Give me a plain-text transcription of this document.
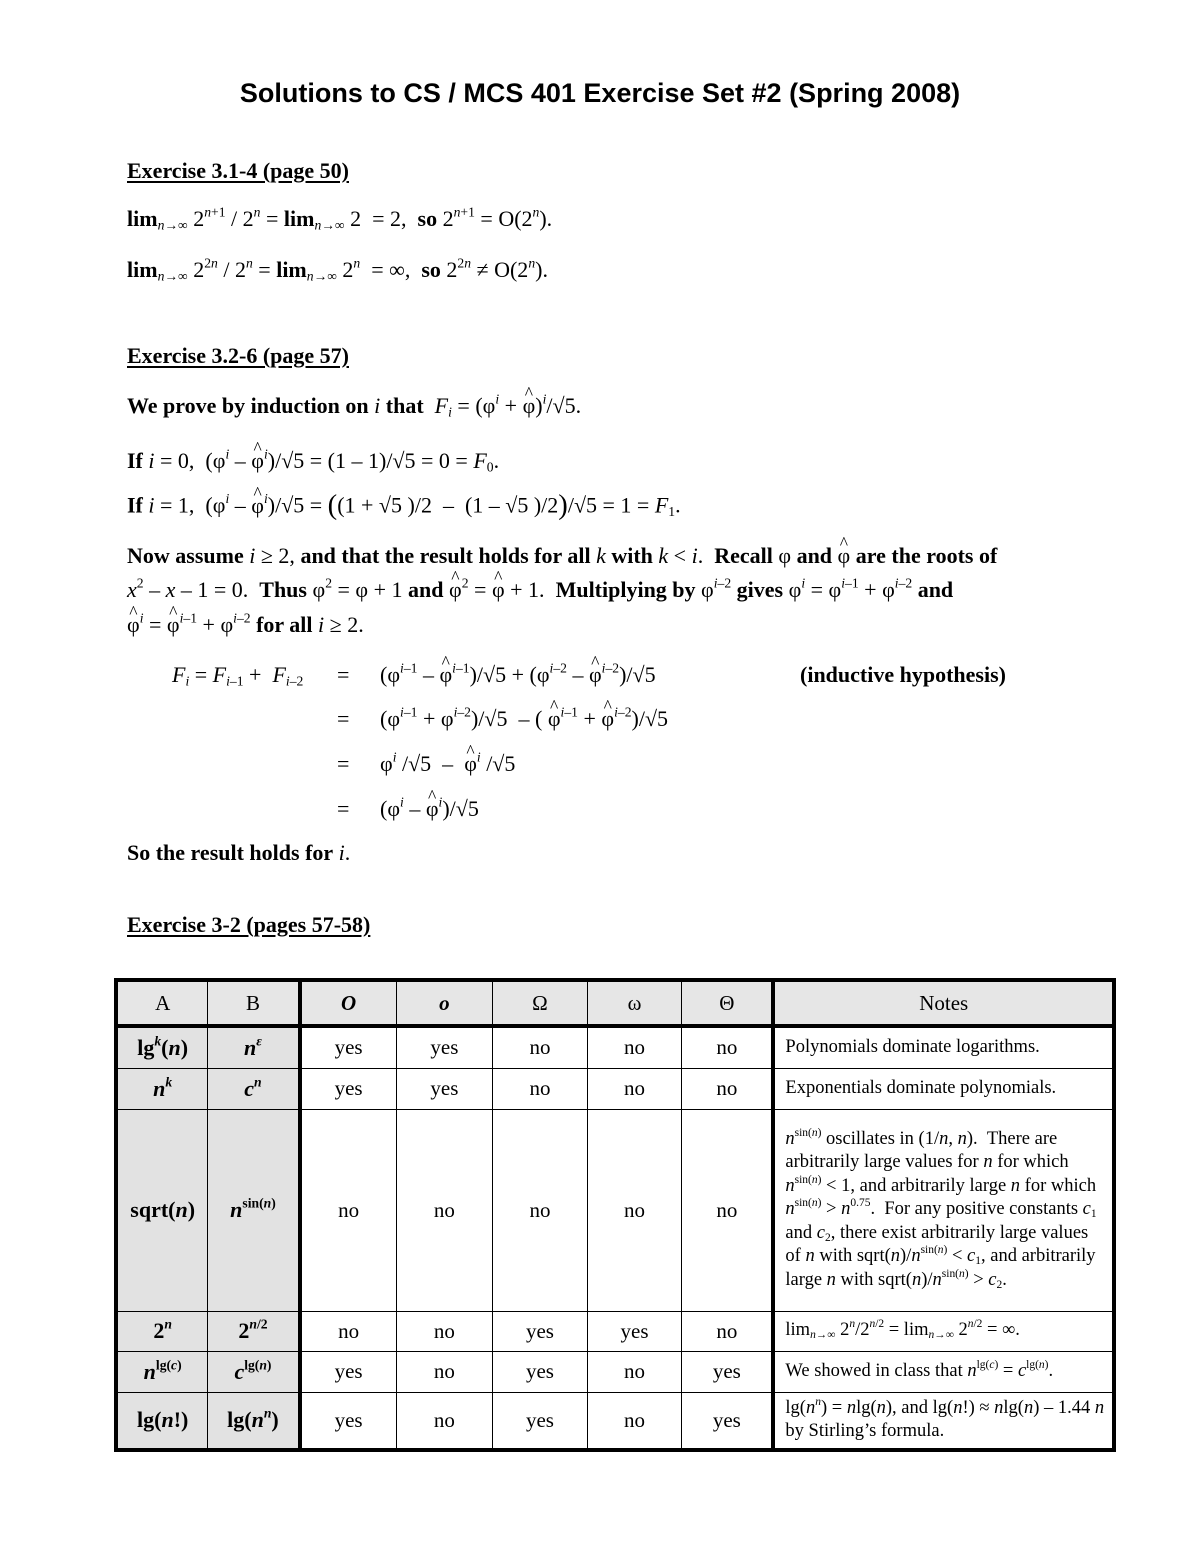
Solutions to CS / MCS 401 Exercise Set #2 (Spring 2008)
Exercise 3.1-4 (page 50)
$\lim_{n\to\infty} 2^{n+1} / 2^n = \lim_{n\to\infty} 2 = 2$,  so $2^{n+1} = O(2^n)$.
$\lim_{n\to\infty} 2^{2n} / 2^n = \lim_{n\to\infty} 2^n$  = ∞,  so $2^{2n} \ne O(2^n)$.
Exercise 3.2-6 (page 57)
We prove by induction on i that $F_i = (\varphi^i$ + ^ φ)$^i$/√5.
If i = 0,  ($\varphi^i$ – ^ $\varphi^i)/√5 = (1 - 1)/√5 = 0 = F_0$.
If i = 1,  ($\varphi^i$ – ^ $\varphi^i)/√5 = ((1 + √5$ )/2  –  (1 – √5 )$/2)/√5 = 1 = F_1$.
Now assume i ≥ 2, and that the result holds for all k with k < i.  Recall φ and ^ φ are the roots of
$x^2 - x - 1 = 0$.  Thus $\varphi^2 = \varphi + 1$ and ^ $\varphi^2$ = ^ φ + 1.  Multiplying by $\varphi^{i-2}$ gives $\varphi^i = \varphi^{i-1} + \varphi^{i-2}$ and
^ $\varphi^i$ = ^ $\varphi^{i-1} + \varphi^{i-2}$ for all i ≥ 2.
$F_i = F_{i-1} + F_{i-2} = (\varphi^{i-1}$ – ^ $\varphi^{i-1})/√5 + (\varphi^{i-2}$ – ^ $\varphi^{i-2})/√5$	(inductive hypothesis)
= $(\varphi^{i-1} + \varphi^{i-2})/√5$  – ( ^ $\varphi^{i-1}$ + ^ $\varphi^{i-2})/√5$
= $\varphi^i$ /√5  –  ^ $\varphi^i$ /√5
= ($\varphi^i$ – ^ $\varphi^i)/√5$
So the result holds for i.
Exercise 3-2 (pages 57-58)
A	B	O	o	Ω	ω	Θ	Notes
$\lg^k(n)$	$n^\varepsilon$	yes	yes	no	no	no	Polynomials dominate logarithms.
$n^k$	$c^n$	yes	yes	no	no	no	Exponentials dominate polynomials.
sqrt(n)	$n^{sin(n)}$	no	no	no	no	no	$n^{sin(n)}$ oscillates in (1/n, n).  There are arbitrarily large values for n for which $n^{sin(n)} < 1$, and arbitrarily large n for which $n^{sin(n)} > n^{0.75}$.  For any positive constants $c_1$ and $c_2$, there exist arbitrarily large values of n with $sqrt(n)/n^{sin(n)} < c_1$, and arbitrarily large n with $sqrt(n)/n^{sin(n)} > c_2$.
2$^n$	$2^{n/2}$	no	no	yes	yes	no	$\lim_{n\to\infty} 2^n/2^{n/2} = \lim_{n\to\infty} 2^{n/2}$ = ∞.
$n^{lg(c)}$	$c^{lg(n)}$	yes	no	yes	no	yes	We showed in class that $n^{lg(c)} = c^{lg(n)}$.
lg(n!)	$\lg(n^n)$	yes	no	yes	no	yes	$\lg(n^n) = nlg(n)$, and lg(n!) ≈ nlg(n) – 1.44 n by Stirling’s formula.
